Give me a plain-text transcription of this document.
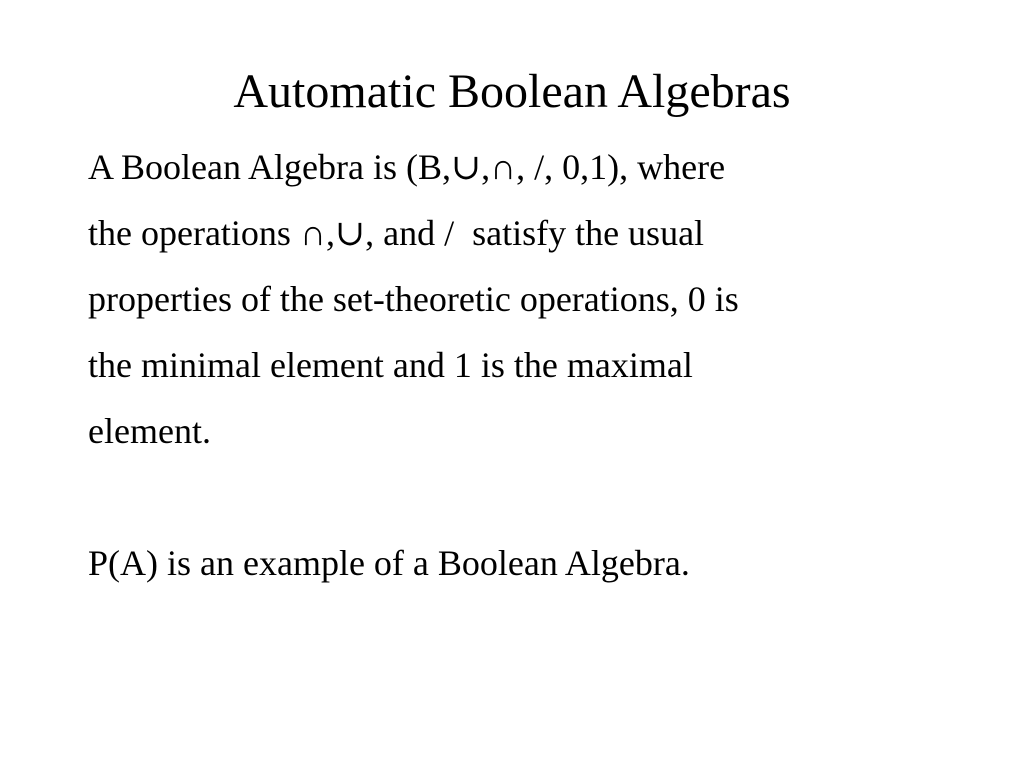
Automatic Boolean Algebras
A Boolean Algebra is (B,∪,∩, /, 0,1), where
the operations ∩,∪, and /  satisfy the usual
properties of the set-theoretic operations, 0 is
the minimal element and 1 is the maximal
element.
P(A) is an example of a Boolean Algebra.
